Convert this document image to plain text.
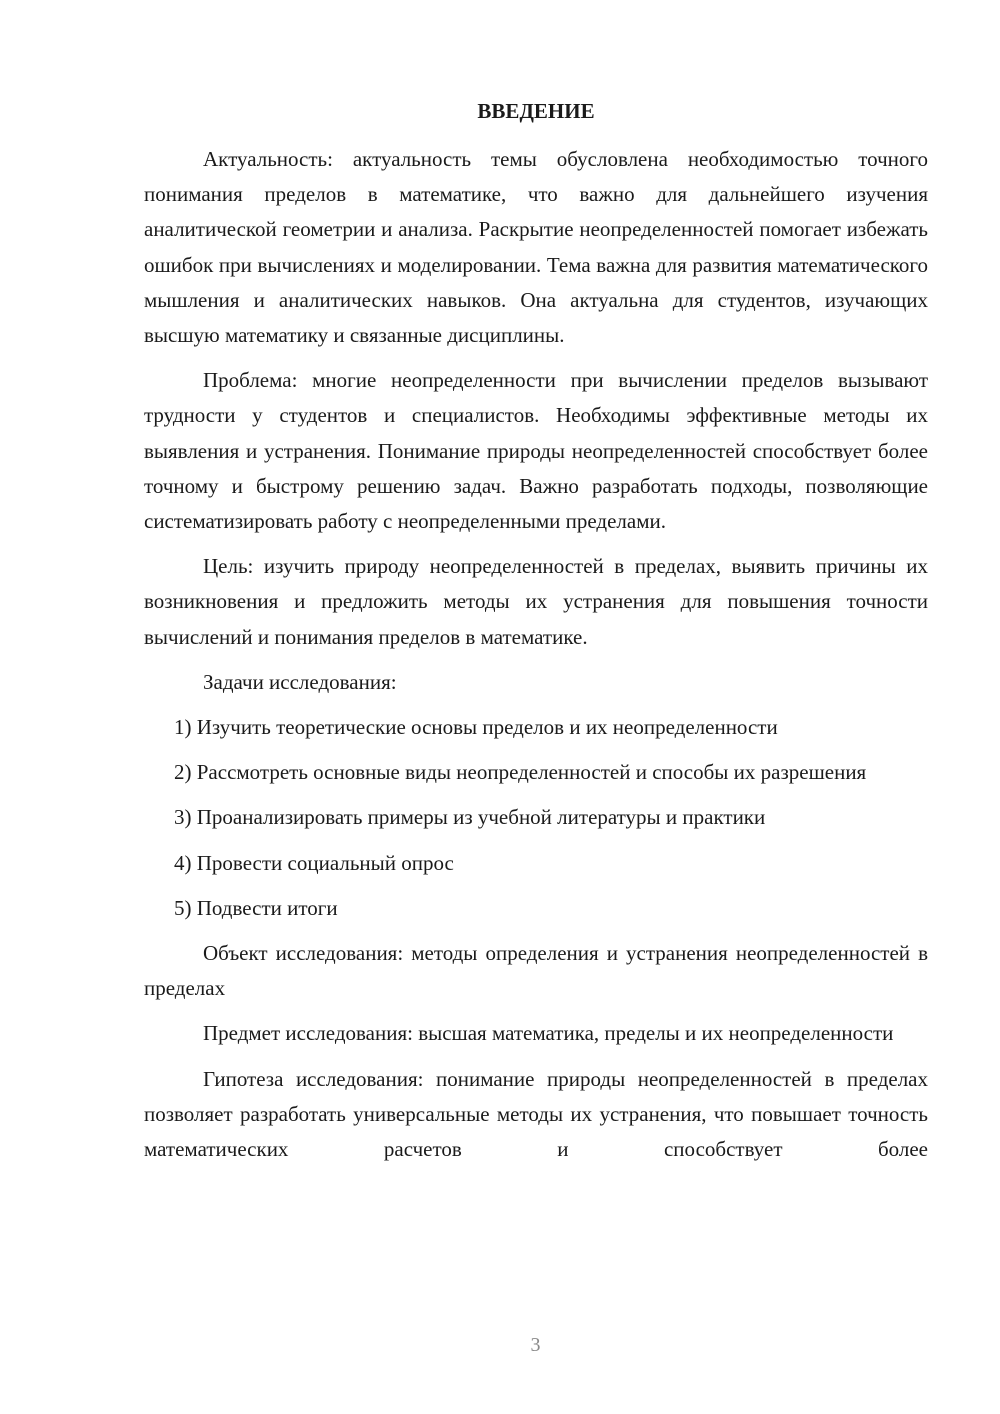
ВВЕДЕНИЕ

Актуальность: актуальность темы обусловлена необходимостью точного понимания пределов в математике, что важно для дальнейшего изучения аналитической геометрии и анализа. Раскрытие неопределенностей помогает избежать ошибок при вычислениях и моделировании. Тема важна для развития математического мышления и аналитических навыков. Она актуальна для студентов, изучающих высшую математику и связанные дисциплины.

Проблема: многие неопределенности при вычислении пределов вызывают трудности у студентов и специалистов. Необходимы эффективные методы их выявления и устранения. Понимание природы неопределенностей способствует более точному и быстрому решению задач. Важно разработать подходы, позволяющие систематизировать работу с неопределенными пределами.

Цель: изучить природу неопределенностей в пределах, выявить причины их возникновения и предложить методы их устранения для повышения точности вычислений и понимания пределов в математике.

Задачи исследования:

1) Изучить теоретические основы пределов и их неопределенности

2) Рассмотреть основные виды неопределенностей и способы их разрешения

3) Проанализировать примеры из учебной литературы и практики

4) Провести социальный опрос

5) Подвести итоги

Объект исследования: методы определения и устранения неопределенностей в пределах

Предмет исследования: высшая математика, пределы и их неопределенности

Гипотеза исследования: понимание природы неопределенностей в пределах позволяет разработать универсальные методы их устранения, что повышает точность математических расчетов и способствует более

3
